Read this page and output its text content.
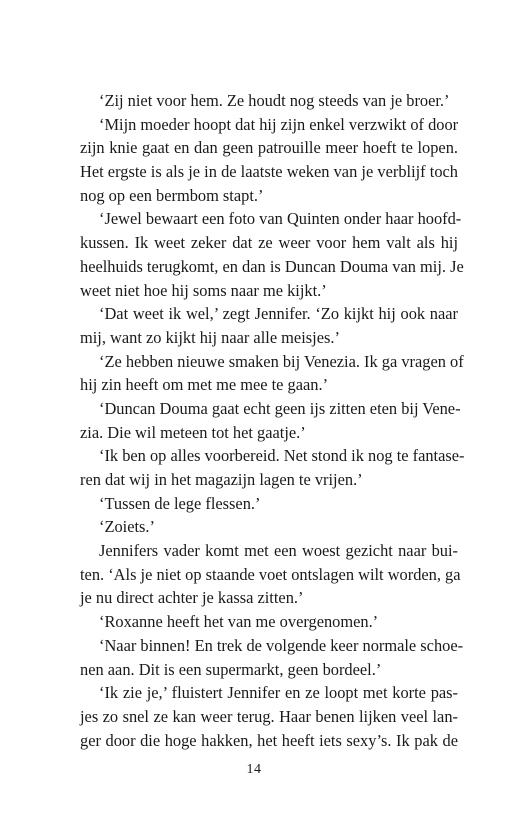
‘Zij niet voor hem. Ze houdt nog steeds van je broer.’
‘Mijn moeder hoopt dat hij zijn enkel verzwikt of door
zijn knie gaat en dan geen patrouille meer hoeft te lopen.
Het ergste is als je in de laatste weken van je verblijf toch
nog op een bermbom stapt.’
‘Jewel bewaart een foto van Quinten onder haar hoofd-
kussen. Ik weet zeker dat ze weer voor hem valt als hij
heelhuids terugkomt, en dan is Duncan Douma van mij. Je
weet niet hoe hij soms naar me kijkt.’
‘Dat weet ik wel,’ zegt Jennifer. ‘Zo kijkt hij ook naar
mij, want zo kijkt hij naar alle meisjes.’
‘Ze hebben nieuwe smaken bij Venezia. Ik ga vragen of
hij zin heeft om met me mee te gaan.’
‘Duncan Douma gaat echt geen ijs zitten eten bij Vene-
zia. Die wil meteen tot het gaatje.’
‘Ik ben op alles voorbereid. Net stond ik nog te fantase-
ren dat wij in het magazijn lagen te vrijen.’
‘Tussen de lege flessen.’
‘Zoiets.’
Jennifers vader komt met een woest gezicht naar bui-
ten. ‘Als je niet op staande voet ontslagen wilt worden, ga
je nu direct achter je kassa zitten.’
‘Roxanne heeft het van me overgenomen.’
‘Naar binnen! En trek de volgende keer normale schoe-
nen aan. Dit is een supermarkt, geen bordeel.’
‘Ik zie je,’ fluistert Jennifer en ze loopt met korte pas-
jes zo snel ze kan weer terug. Haar benen lijken veel lan-
ger door die hoge hakken, het heeft iets sexy’s. Ik pak de
14
